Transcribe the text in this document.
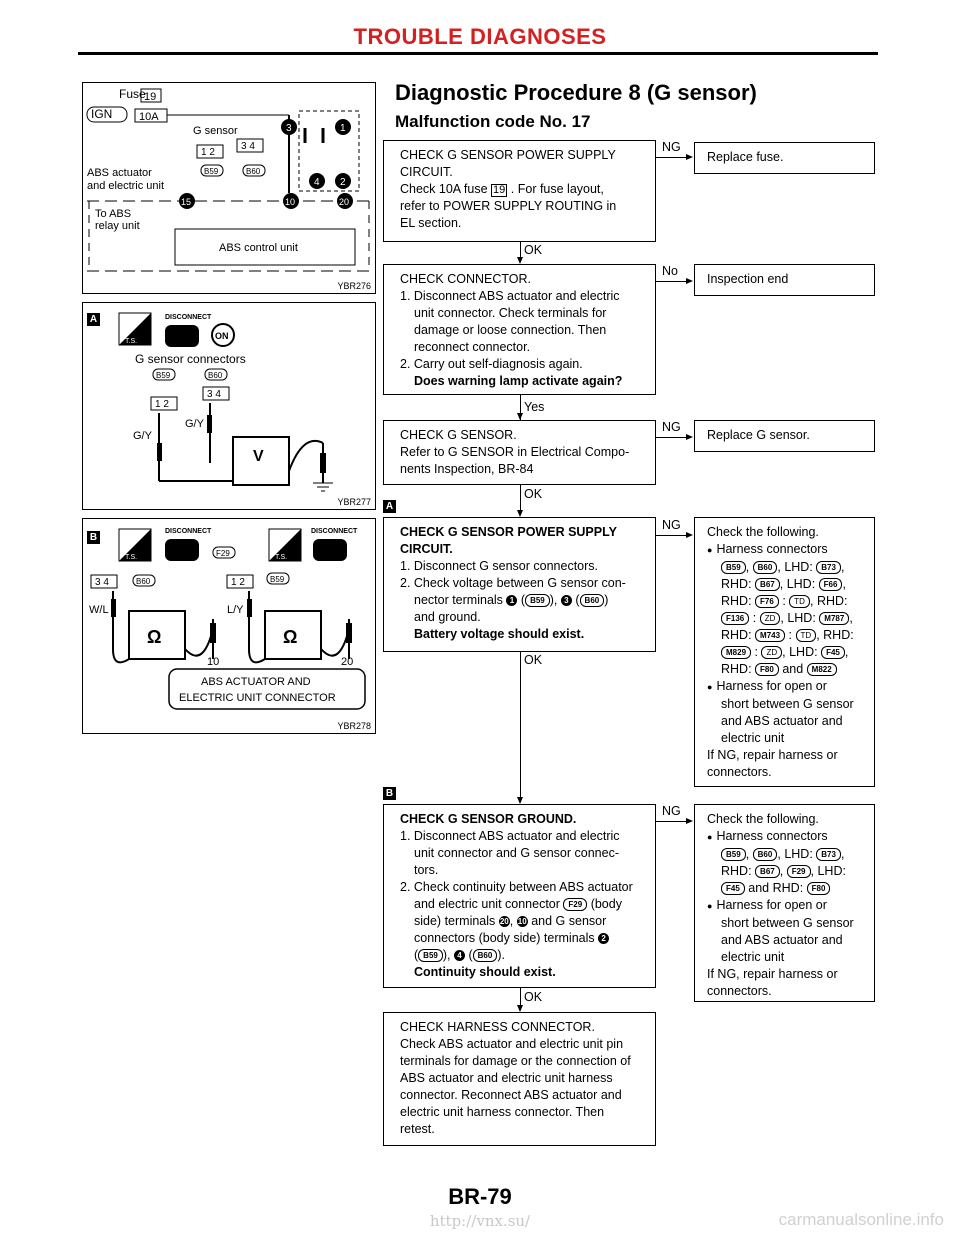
TROUBLE DIAGNOSES
Fuse
19
IGN 10A
G sensor
1 2
3 4
B59	B60
ABS actuator
and electric unit
3	1
4 2
15	10	20
To ABS
relay unit
ABS control unit
YBR276
A
T.S.
DISCONNECT
ON
G sensor connectors
B59	B60
1 2
3 4
G/Y
G/Y
V
YBR277
B
T.S.
DISCONNECT
T.S.
DISCONNECT
F29
3 4	B60	1 2	B59
W/L	L/Y
Ω	Ω
10	20
ABS ACTUATOR AND
ELECTRIC UNIT CONNECTOR
YBR278
Diagnostic Procedure 8 (G sensor)
Malfunction code No. 17
CHECK G SENSOR POWER SUPPLY
CIRCUIT.
Check 10A fuse 19 . For fuse layout,
refer to POWER SUPPLY ROUTING in
EL section.
NG
OK
Replace fuse.
CHECK CONNECTOR.
1. Disconnect ABS actuator and electric
unit connector. Check terminals for
damage or loose connection. Then
reconnect connector.
2. Carry out self-diagnosis again.
Does warning lamp activate again?
No
Yes
Inspection end
CHECK G SENSOR.
Refer to G SENSOR in Electrical Compo-
nents Inspection, BR-84
NG
OK
Replace G sensor.
A
CHECK G SENSOR POWER SUPPLY
CIRCUIT.
1. Disconnect G sensor connectors.
2. Check voltage between G sensor con-
nector terminals 1 ( B59 ), 3 ( B60 )
and ground.
Battery voltage should exist.
NG
OK
Check the following.
● Harness connectors
B59 , B60 , LHD: B73 ,
RHD: B67 , LHD: F66 ,
RHD: F76 : TD , RHD:
F136 : ZD , LHD: M787 ,
RHD: M743 : TD , RHD:
M829 : ZD , LHD: F45 ,
RHD: F80 and M822
● Harness for open or
short between G sensor
and ABS actuator and
electric unit
If NG, repair harness or
connectors.
B
CHECK G SENSOR GROUND.
1. Disconnect ABS actuator and electric
unit connector and G sensor connec-
tors.
2. Check continuity between ABS actuator
and electric unit connector F29 (body
side) terminals 20, 10 and G sensor
connectors (body side) terminals 2
( B59 ), 4 ( B60 ).
Continuity should exist.
NG
OK
Check the following.
● Harness connectors
B59 , B60 , LHD: B73 ,
RHD: B67 , F29 , LHD:
F45 and RHD: F80
● Harness for open or
short between G sensor
and ABS actuator and
electric unit
If NG, repair harness or
connectors.
CHECK HARNESS CONNECTOR.
Check ABS actuator and electric unit pin
terminals for damage or the connection of
ABS actuator and electric unit harness
connector. Reconnect ABS actuator and
electric unit harness connector. Then
retest.
BR-79
http://vnx.su/	carmanualsonline.info
